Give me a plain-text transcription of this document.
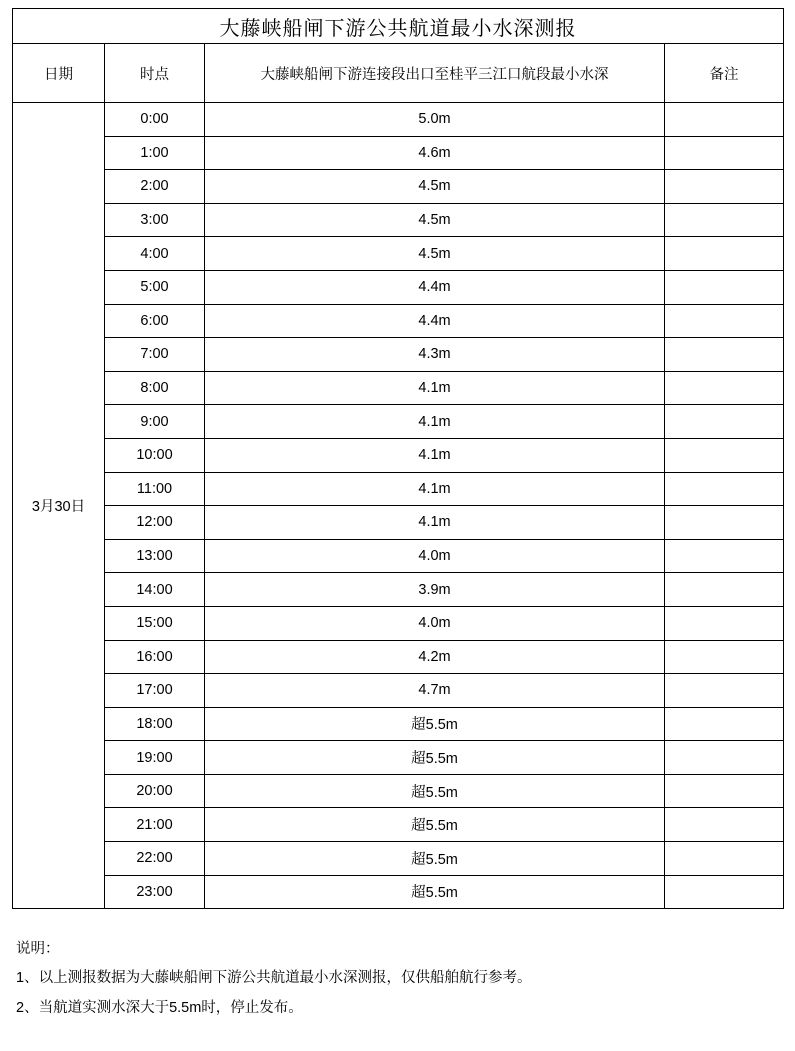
大藤峡船闸下游公共航道最小水深测报			
日期	时点	大藤峡船闸下游连接段出口至桂平三江口航段最小水深	备注
3月30日	0:00	5.0m	
	1:00	4.6m	
	2:00	4.5m	
	3:00	4.5m	
	4:00	4.5m	
	5:00	4.4m	
	6:00	4.4m	
	7:00	4.3m	
	8:00	4.1m	
	9:00	4.1m	
	10:00	4.1m	
	11:00	4.1m	
	12:00	4.1m	
	13:00	4.0m	
	14:00	3.9m	
	15:00	4.0m	
	16:00	4.2m	
	17:00	4.7m	
	18:00	超5.5m	
	19:00	超5.5m	
	20:00	超5.5m	
	21:00	超5.5m	
	22:00	超5.5m	
	23:00	超5.5m	
说明：
1、以上测报数据为大藤峡船闸下游公共航道最小水深测报，仅供船舶航行参考。
2、当航道实测水深大于5.5m时，停止发布。
